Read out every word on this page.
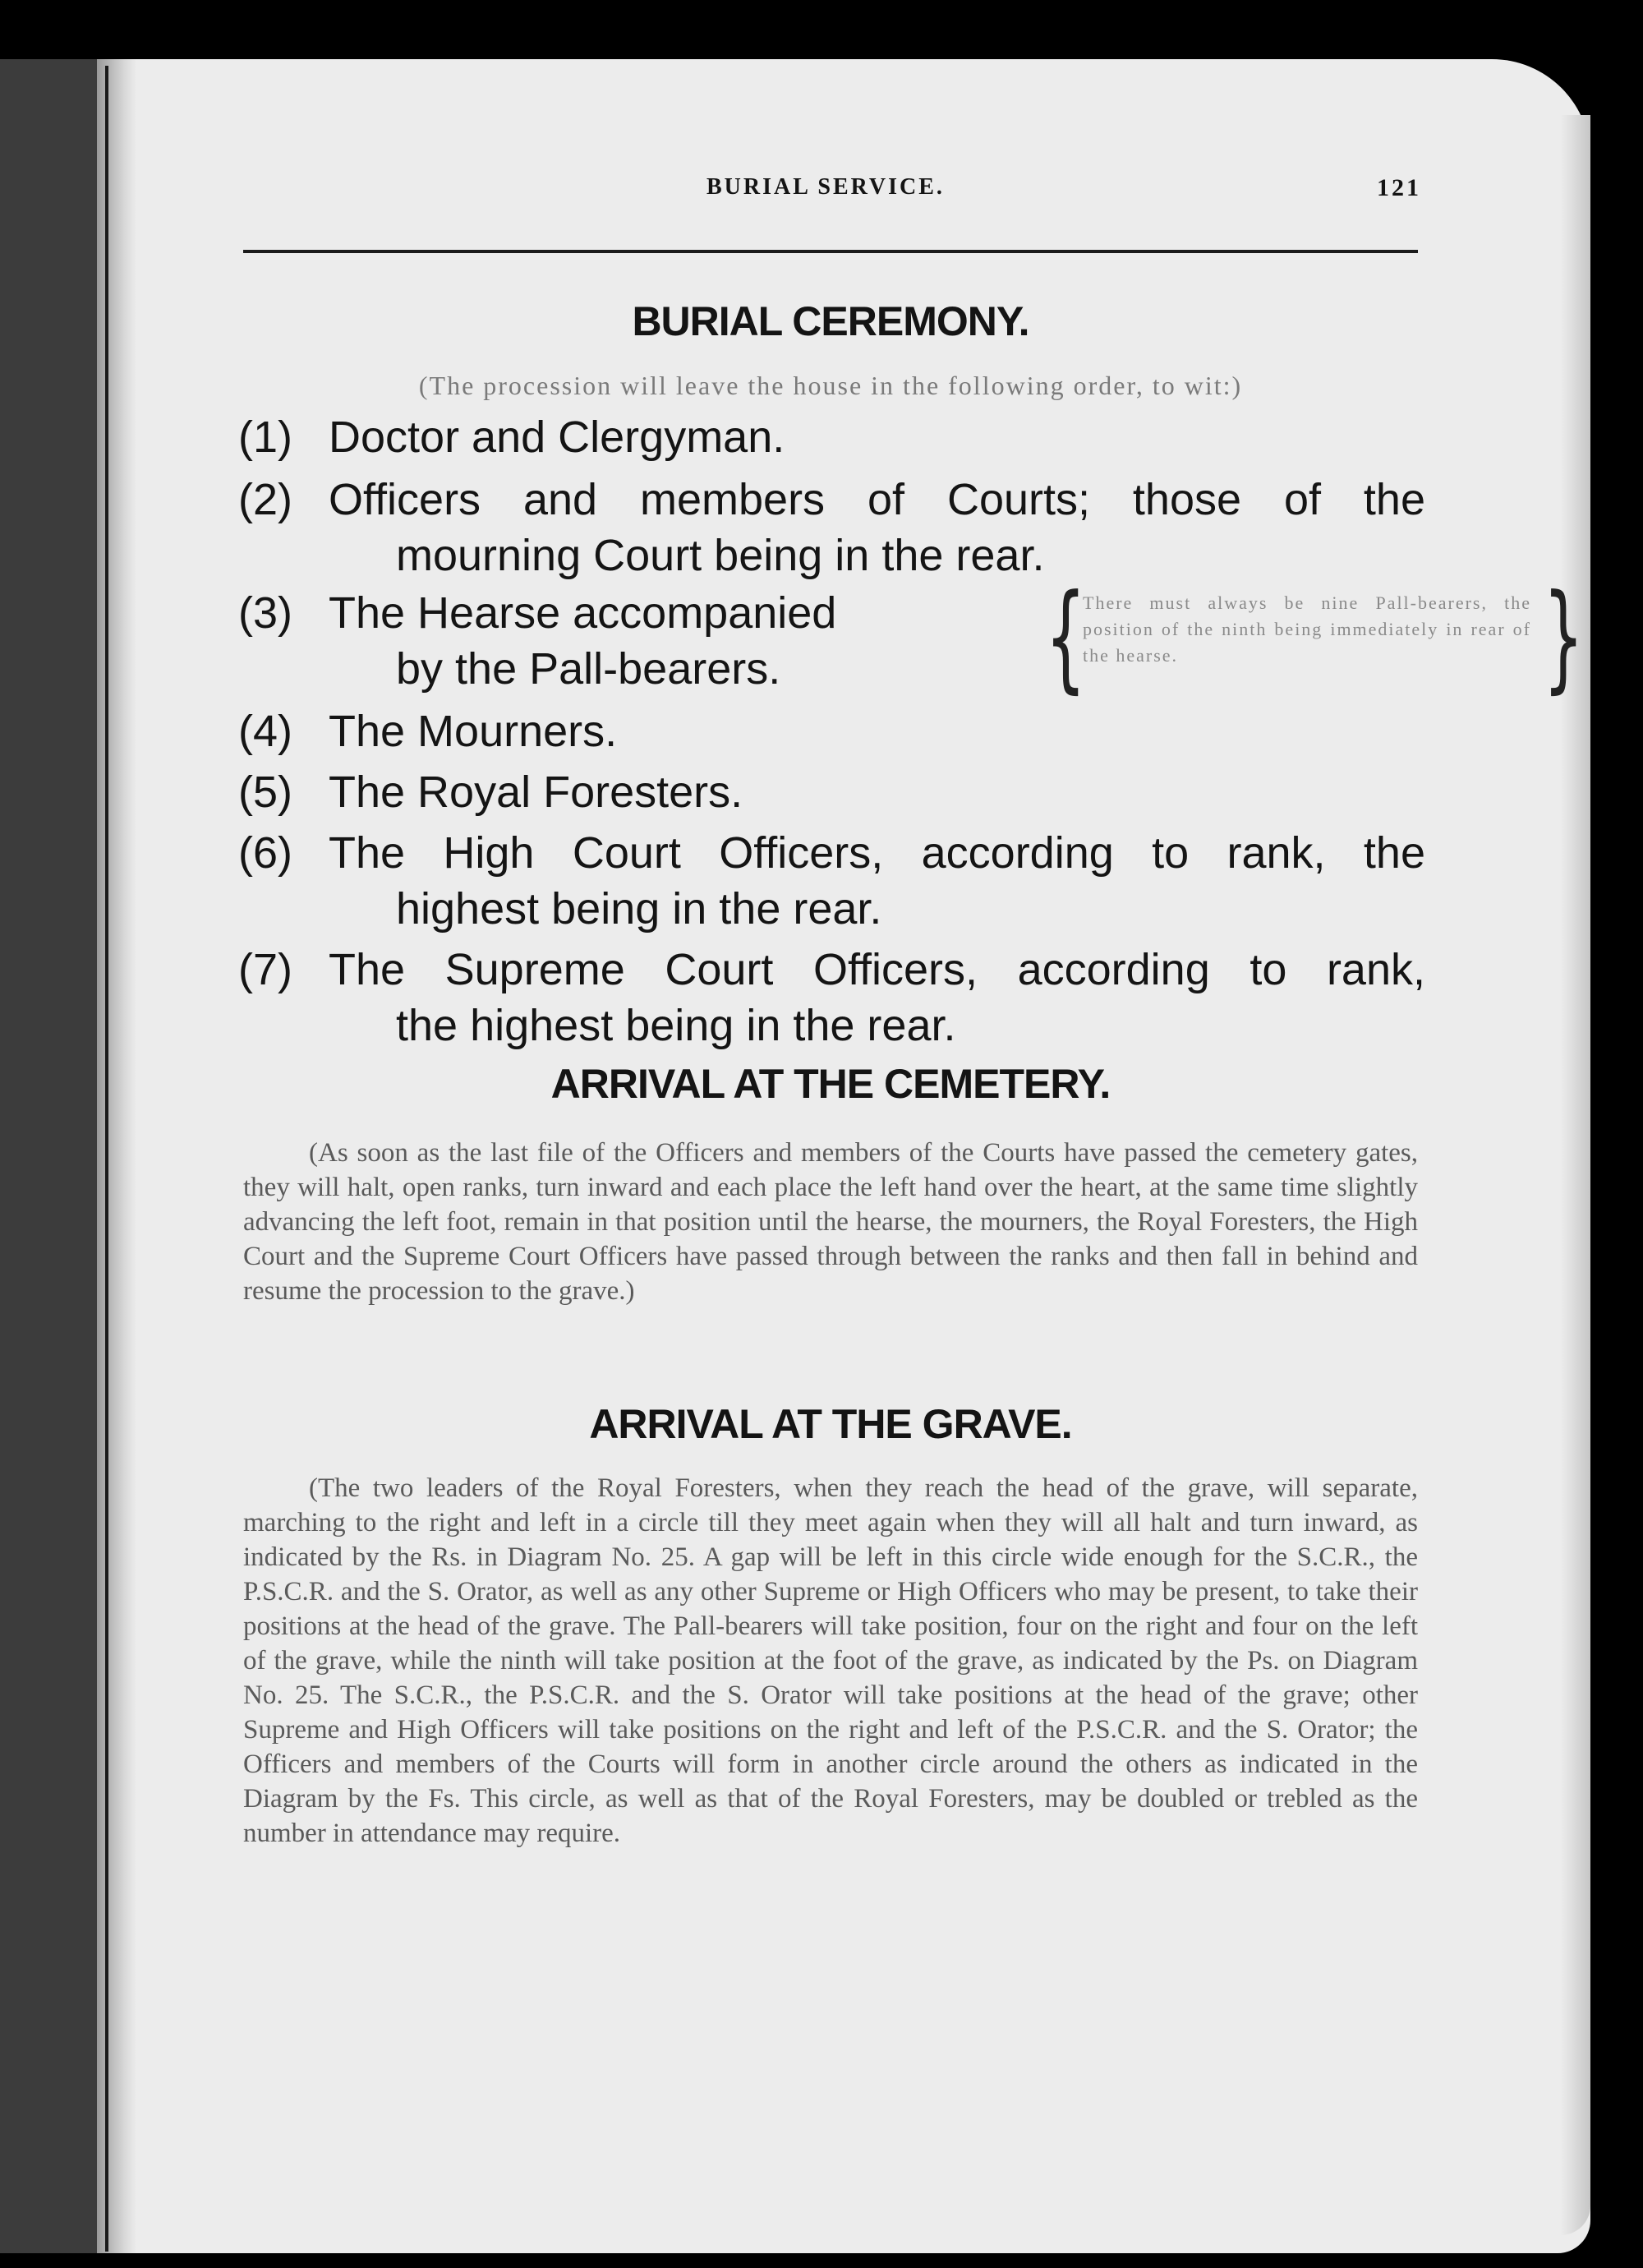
BURIAL SERVICE.	121
BURIAL CEREMONY.
(The procession will leave the house in the following order, to wit:)
(1) Doctor and Clergyman.
(2) Officers and members of Courts; those of the
mourning Court being in the rear.
(3) The Hearse accompanied
by the Pall-bearers.	{
There must always be nine Pall-bearers, the position of the ninth being immediately in rear of the hearse.	}
(4) The Mourners.
(5) The Royal Foresters.
(6) The High Court Officers, according to rank, the
highest being in the rear.
(7) The Supreme Court Officers, according to rank,
the highest being in the rear.
ARRIVAL AT THE CEMETERY.
(As soon as the last file of the Officers and members of the Courts have passed the cemetery gates, they will halt, open ranks, turn inward and each place the left hand over the heart, at the same time slightly advancing the left foot, remain in that position until the hearse, the mourners, the Royal Foresters, the High Court and the Supreme Court Officers have passed through between the ranks and then fall in behind and resume the procession to the grave.)
ARRIVAL AT THE GRAVE.
(The two leaders of the Royal Foresters, when they reach the head of the grave, will separate, marching to the right and left in a circle till they meet again when they will all halt and turn inward, as indicated by the Rs. in Diagram No. 25. A gap will be left in this circle wide enough for the S.C.R., the P.S.C.R. and the S. Orator, as well as any other Supreme or High Officers who may be present, to take their positions at the head of the grave. The Pall-bearers will take position, four on the right and four on the left of the grave, while the ninth will take position at the foot of the grave, as indicated by the Ps. on Diagram No. 25. The S.C.R., the P.S.C.R. and the S. Orator will take positions at the head of the grave; other Supreme and High Officers will take positions on the right and left of the P.S.C.R. and the S. Orator; the Officers and members of the Courts will form in another circle around the others as indicated in the Diagram by the Fs. This circle, as well as that of the Royal Foresters, may be doubled or trebled as the number in attendance may require.
